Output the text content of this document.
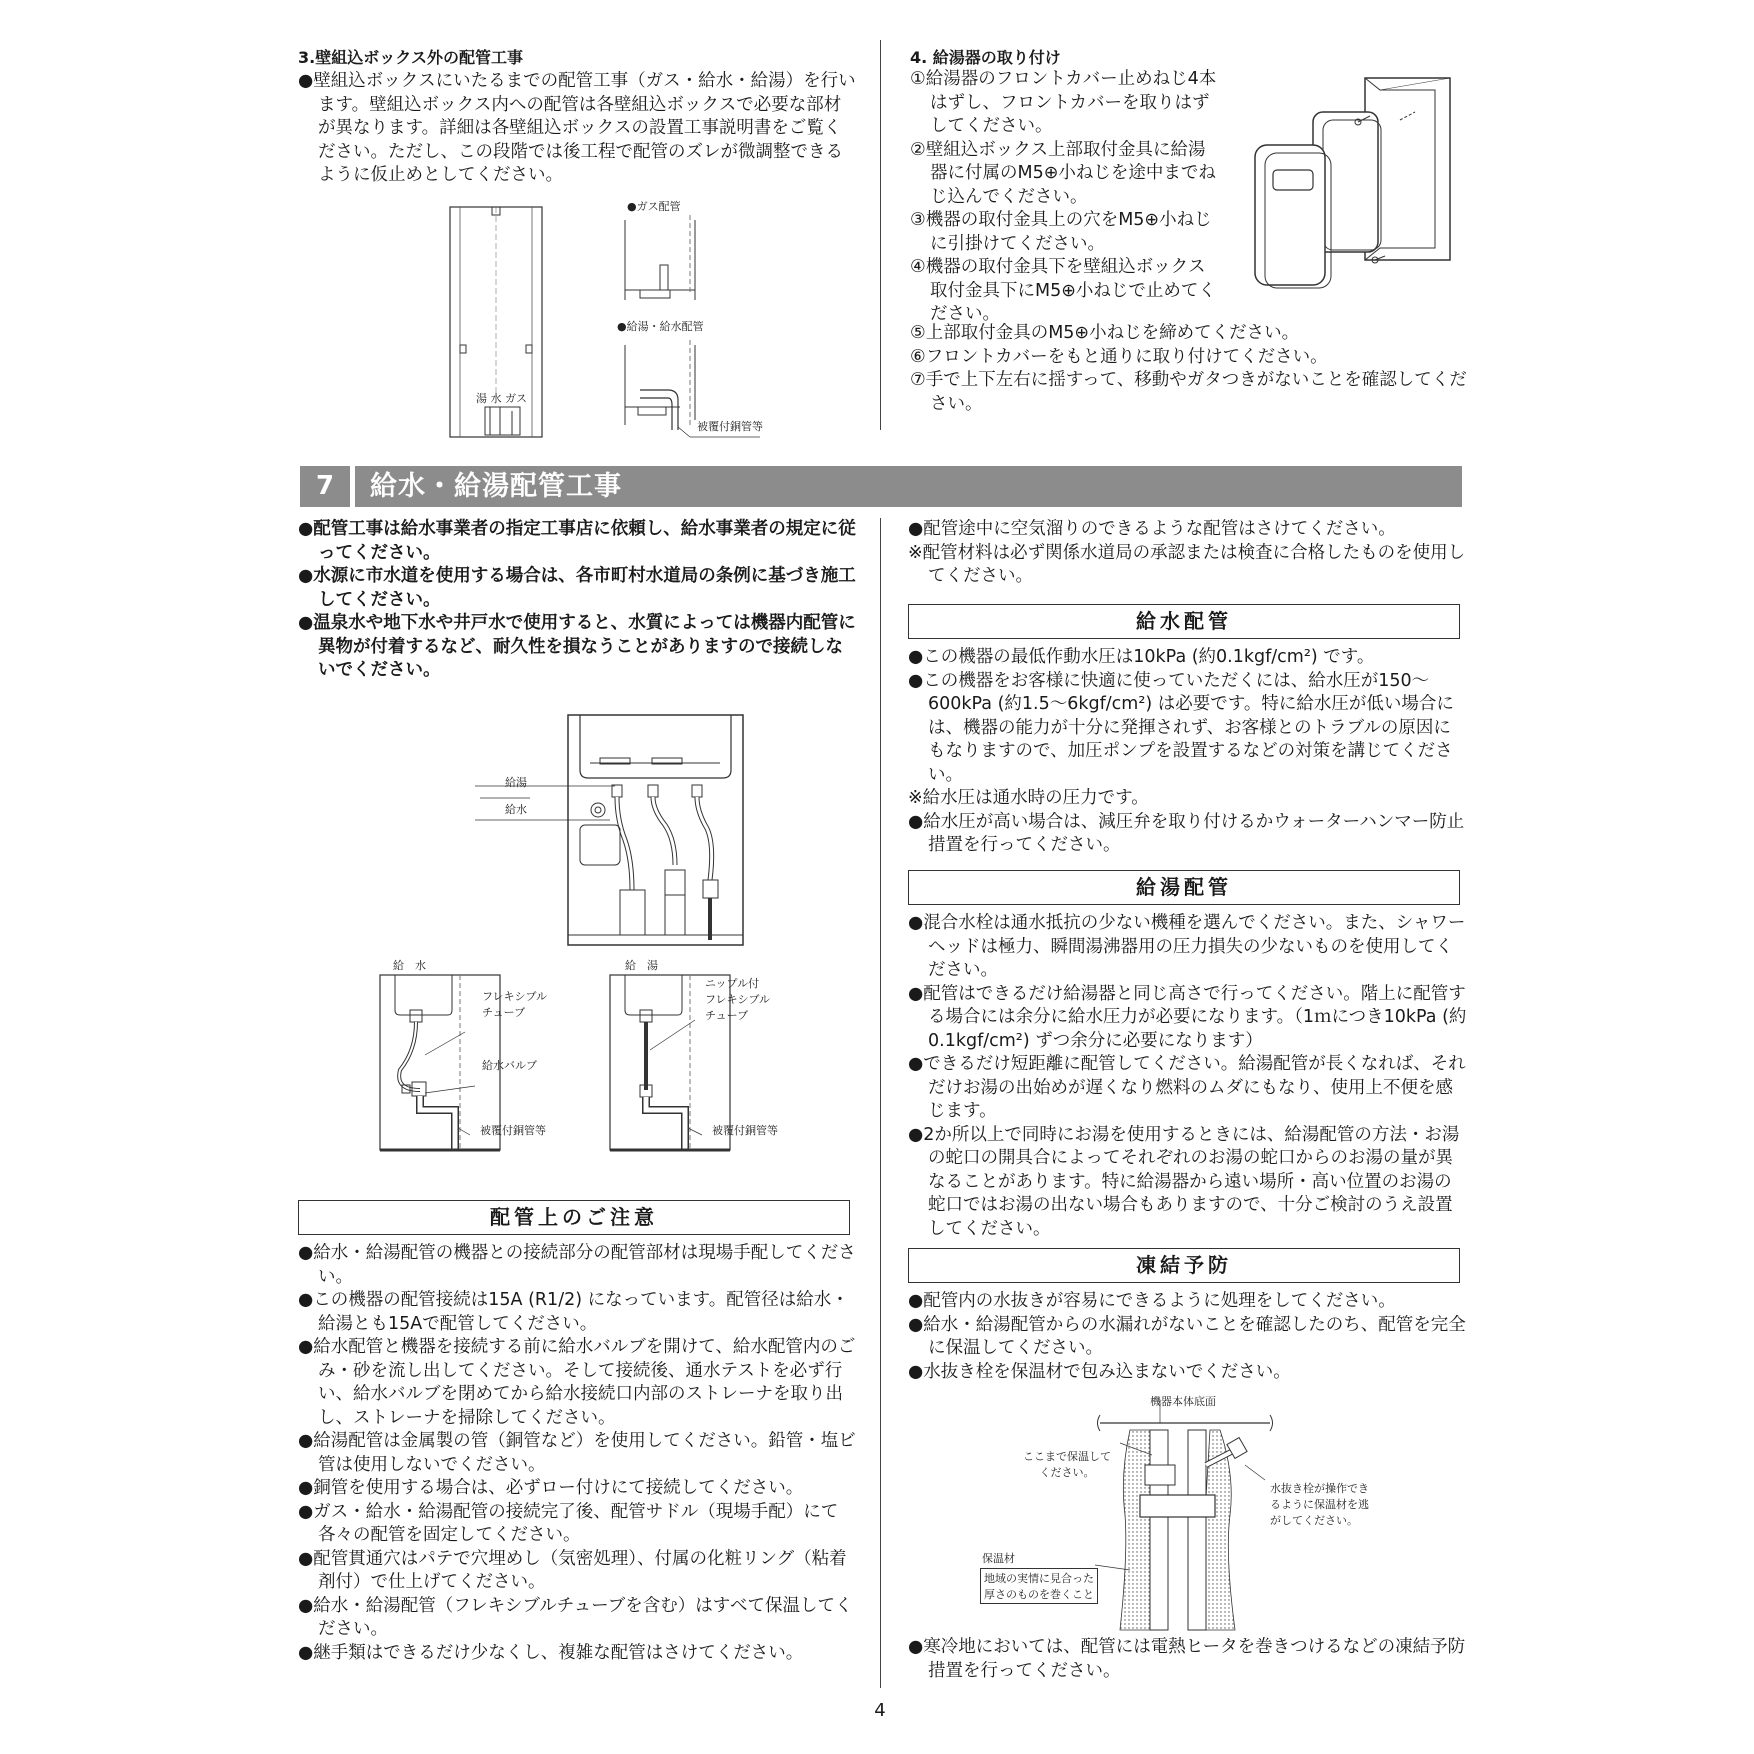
3.壁組込ボックス外の配管工事

●壁組込ボックスにいたるまでの配管工事（ガス・給水・給湯）を行います。壁組込ボックス内への配管は各壁組込ボックスで必要な部材が異なります。詳細は各壁組込ボックスの設置工事説明書をご覧ください。ただし、この段階では後工程で配管のズレが微調整できるように仮止めとしてください。

湯 水 ガス
●ガス配管
●給湯・給水配管
被覆付銅管等
4. 給湯器の取り付け

①給湯器のフロントカバー止めねじ4本はずし、フロントカバーを取りはずしてください。

②壁組込ボックス上部取付金具に給湯器に付属のM5⊕小ねじを途中までねじ込んでください。

③機器の取付金具上の穴をM5⊕小ねじに引掛けてください。

④機器の取付金具下を壁組込ボックス取付金具下にM5⊕小ねじで止めてください。

⑤上部取付金具のM5⊕小ねじを締めてください。

⑥フロントカバーをもと通りに取り付けてください。

⑦手で上下左右に揺すって、移動やガタつきがないことを確認してください。

7	給水・給湯配管工事

●配管工事は給水事業者の指定工事店に依頼し、給水事業者の規定に従ってください。

●水源に市水道を使用する場合は、各市町村水道局の条例に基づき施工してください。

●温泉水や地下水や井戸水で使用すると、水質によっては機器内配管に異物が付着するなど、耐久性を損なうことがありますので接続しないでください。

給湯
給水
給　水	給　湯
フレキシブル
チューブ
給水バルブ
被覆付銅管等
ニップル付
フレキシブル
チューブ
被覆付銅管等
配管上のご注意

●給水・給湯配管の機器との接続部分の配管部材は現場手配してください。

●この機器の配管接続は15A (R1/2) になっています。配管径は給水・給湯とも15Aで配管してください。

●給水配管と機器を接続する前に給水バルブを開けて、給水配管内のごみ・砂を流し出してください。そして接続後、通水テストを必ず行い、給水バルブを閉めてから給水接続口内部のストレーナを取り出し、ストレーナを掃除してください。

●給湯配管は金属製の管（銅管など）を使用してください。鉛管・塩ビ管は使用しないでください。

●銅管を使用する場合は、必ずロー付けにて接続してください。

●ガス・給水・給湯配管の接続完了後、配管サドル（現場手配）にて各々の配管を固定してください。

●配管貫通穴はパテで穴埋めし（気密処理）、付属の化粧リング（粘着剤付）で仕上げてください。

●給水・給湯配管（フレキシブルチューブを含む）はすべて保温してください。

●継手類はできるだけ少なくし、複雑な配管はさけてください。

●配管途中に空気溜りのできるような配管はさけてください。

※配管材料は必ず関係水道局の承認または検査に合格したものを使用してください。

給水配管

●この機器の最低作動水圧は10kPa (約0.1kgf/cm²) です。

●この機器をお客様に快適に使っていただくには、給水圧が150～600kPa (約1.5～6kgf/cm²) は必要です。特に給水圧が低い場合には、機器の能力が十分に発揮されず、お客様とのトラブルの原因にもなりますので、加圧ポンプを設置するなどの対策を講じてください。

※給水圧は通水時の圧力です。

●給水圧が高い場合は、減圧弁を取り付けるかウォーターハンマー防止措置を行ってください。

給湯配管

●混合水栓は通水抵抗の少ない機種を選んでください。また、シャワーヘッドは極力、瞬間湯沸器用の圧力損失の少ないものを使用してください。

●配管はできるだけ給湯器と同じ高さで行ってください。階上に配管する場合には余分に給水圧力が必要になります。（1ｍにつき10kPa (約0.1kgf/cm²) ずつ余分に必要になります）

●できるだけ短距離に配管してください。給湯配管が長くなれば、それだけお湯の出始めが遅くなり燃料のムダにもなり、使用上不便を感じます。

●2か所以上で同時にお湯を使用するときには、給湯配管の方法・お湯の蛇口の開具合によってそれぞれのお湯の蛇口からのお湯の量が異なることがあります。特に給湯器から遠い場所・高い位置のお湯の蛇口ではお湯の出ない場合もありますので、十分ご検討のうえ設置してください。

凍結予防

●配管内の水抜きが容易にできるように処理をしてください。

●給水・給湯配管からの水漏れがないことを確認したのち、配管を完全に保温してください。

●水抜き栓を保温材で包み込まないでください。

機器本体底面
ここまで保温して
ください。
水抜き栓が操作でき
るように保温材を逃
がしてください。
保温材
地域の実情に見合った
厚さのものを巻くこと

●寒冷地においては、配管には電熱ヒータを巻きつけるなどの凍結予防措置を行ってください。

4
